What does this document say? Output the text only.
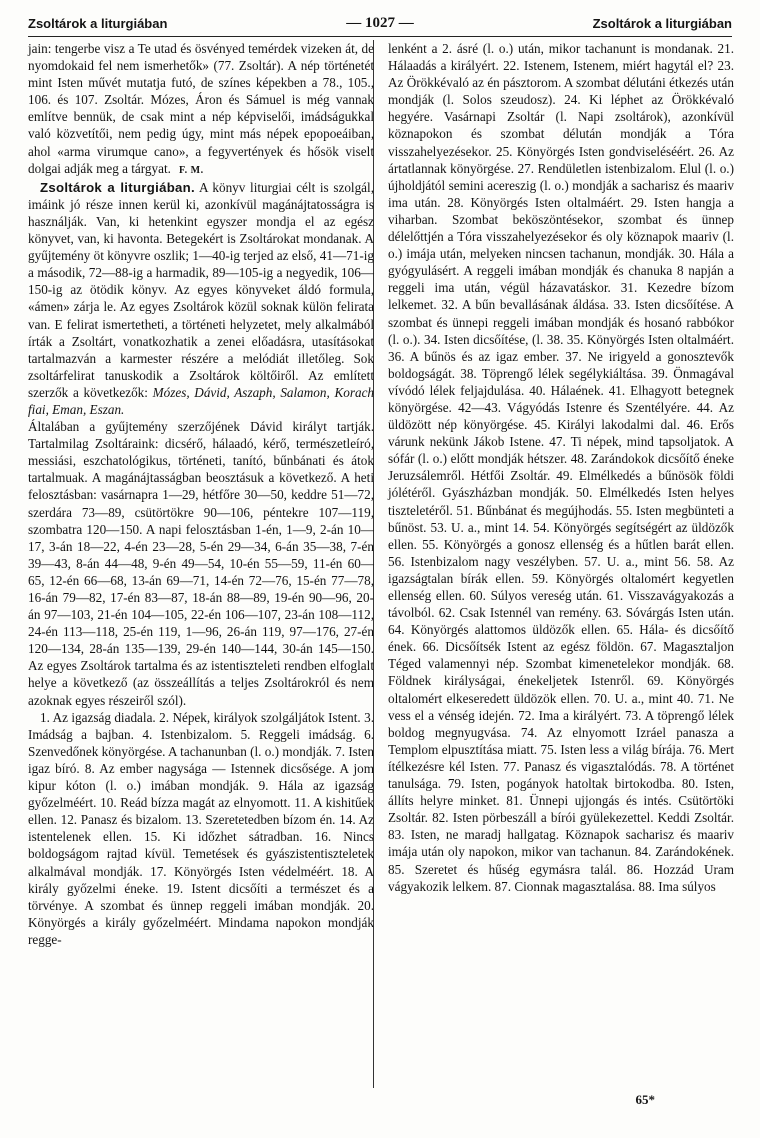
Zsoltárok a liturgiában	— 1027 —	Zsoltárok a liturgiában

jain: tengerbe visz a Te utad és ösvényed temérdek vizeken át, de nyomdokaid fel nem ismerhetők» (77. Zsoltár). A nép történetét mint Isten művét mutatja futó, de színes képekben a 78., 105., 106. és 107. Zsoltár. Mózes, Áron és Sámuel is még vannak említve bennük, de csak mint a nép képviselői, imádságukkal való közvetítői, nem pedig úgy, mint más népek epopoeáiban, ahol «arma virumque cano», a fegyvertények és hősök viselt dolgai adják meg a tárgyat. F. M.

Zsoltárok a liturgiában. A könyv liturgiai célt is szolgál, imáink jó része innen kerül ki, azonkívül magánájtatosságra is használják. Van, ki hetenkint egyszer mondja el az egész könyvet, van, ki havonta. Betegekért is Zsoltárokat mondanak. A gyűjtemény öt könyvre oszlik; 1—40-ig terjed az első, 41—71-ig a második, 72—88-ig a harmadik, 89—105-ig a negyedik, 106—150-ig az ötödik könyv. Az egyes könyveket áldó formula, «ámen» zárja le. Az egyes Zsoltárok közül soknak külön felirata van. E felirat ismertetheti, a történeti helyzetet, mely alkalmából írták a Zsoltárt, vonatkozhatik a zenei előadásra, utasításokat tartalmazván a karmester részére a melódiát illetőleg. Sok zsoltárfelirat tanuskodik a Zsoltárok költőiről. Az említett szerzők a következők: Mózes, Dávid, Aszaph, Salamon, Korach fiai, Eman, Eszan.

Általában a gyűjtemény szerzőjének Dávid királyt tartják. Tartalmilag Zsoltáraink: dicsérő, hálaadó, kérő, természetleíró, messiási, eszchatológikus, történeti, tanító, bűnbánati és átok tartalmuak. A magánájtasságban beosztásuk a következő. A heti felosztásban: vasárnapra 1—29, hétfőre 30—50, keddre 51—72, szerdára 73—89, csütörtökre 90—106, péntekre 107—119, szombatra 120—150. A napi felosztásban 1-én, 1—9, 2-án 10—17, 3-án 18—22, 4-én 23—28, 5-én 29—34, 6-án 35—38, 7-én 39—43, 8-án 44—48, 9-én 49—54, 10-én 55—59, 11-én 60—65, 12-én 66—68, 13-án 69—71, 14-én 72—76, 15-én 77—78, 16-án 79—82, 17-én 83—87, 18-án 88—89, 19-én 90—96, 20-án 97—103, 21-én 104—105, 22-én 106—107, 23-án 108—112, 24-én 113—118, 25-én 119, 1—96, 26-án 119, 97—176, 27-én 120—134, 28-án 135—139, 29-én 140—144, 30-án 145—150. Az egyes Zsoltárok tartalma és az istentiszteleti rendben elfoglalt helye a következő (az összeállítás a teljes Zsoltárokról és nem azoknak egyes részeiről szól).

1. Az igazság diadala. 2. Népek, királyok szolgáljátok Istent. 3. Imádság a bajban. 4. Istenbizalom. 5. Reggeli imádság. 6. Szenvedőnek könyörgése. A tachanunban (l. o.) mondják. 7. Isten igaz bíró. 8. Az ember nagysága — Istennek dicsősége. A jom kipur kóton (l. o.) imában mondják. 9. Hála az igazság győzelméért. 10. Reád bízza magát az elnyomott. 11. A kishitűek ellen. 12. Panasz és bizalom. 13. Szeretetedben bízom én. 14. Az istentelenek ellen. 15. Ki időzhet sátradban. 16. Nincs boldogságom rajtad kívül. Temetések és gyászistentiszteletek alkalmával mondják. 17. Könyörgés Isten védelméért. 18. A király győzelmi éneke. 19. Istent dicsőíti a természet és a törvénye. A szombat és ünnep reggeli imában mondják. 20. Könyörgés a király győzelméért. Mindama napokon mondják regge-

lenként a 2. ásré (l. o.) után, mikor tachanunt is mondanak. 21. Hálaadás a királyért. 22. Istenem, Istenem, miért hagytál el? 23. Az Örökkévaló az én pásztorom. A szombat délutáni étkezés után mondják (l. Solos szeudosz). 24. Ki léphet az Örökkévaló hegyére. Vasárnapi Zsoltár (l. Napi zsoltárok), azonkívül köznapokon és szombat délután mondják a Tóra visszahelyezésekor. 25. Könyörgés Isten gondviseléséért. 26. Az ártatlannak könyörgése. 27. Rendületlen istenbizalom. Elul (l. o.) újholdjától semini acereszig (l. o.) mondják a sacharisz és maariv ima után. 28. Könyörgés Isten oltalmáért. 29. Isten hangja a viharban. Szombat beköszöntésekor, szombat és ünnep délelőttjén a Tóra visszahelyezésekor és oly köznapok maariv (l. o.) imája után, melyeken nincsen tachanun, mondják. 30. Hála a gyógyulásért. A reggeli imában mondják és chanuka 8 napján a reggeli ima után, végül házavatáskor. 31. Kezedre bízom lelkemet. 32. A bűn bevallásának áldása. 33. Isten dicsőítése. A szombat és ünnepi reggeli imában mondják és hosanó rabbókor (l. o.). 34. Isten dicsőítése, (l. 38. 35. Könyörgés Isten oltalmáért. 36. A bűnös és az igaz ember. 37. Ne irigyeld a gonosztevők boldogságát. 38. Töprengő lélek segélykiáltása. 39. Önmagával vívódó lélek feljajdulása. 40. Hálaének. 41. Elhagyott betegnek könyörgése. 42—43. Vágyódás Istenre és Szentélyére. 44. Az üldözött nép könyörgése. 45. Királyi lakodalmi dal. 46. Erős várunk nekünk Jákob Istene. 47. Ti népek, mind tapsoljatok. A sófár (l. o.) előtt mondják hétszer. 48. Zarándokok dicsőítő éneke Jeruzsálemről. Hétfői Zsoltár. 49. Elmélkedés a bűnösök földi jólétéről. Gyászházban mondják. 50. Elmélkedés Isten helyes tiszteletéről. 51. Bűnbánat és megújhodás. 55. Isten megbünteti a bűnöst. 53. U. a., mint 14. 54. Könyörgés segítségért az üldözők ellen. 55. Könyörgés a gonosz ellenség és a hűtlen barát ellen. 56. Istenbizalom nagy veszélyben. 57. U. a., mint 56. 58. Az igazságtalan bírák ellen. 59. Könyörgés oltalomért kegyetlen ellenség ellen. 60. Súlyos vereség után. 61. Visszavágyakozás a távolból. 62. Csak Istennél van remény. 63. Sóvárgás Isten után. 64. Könyörgés alattomos üldözők ellen. 65. Hála- és dicsőítő ének. 66. Dicsőítsék Istent az egész földön. 67. Magasztaljon Téged valamennyi nép. Szombat kimenetelekor mondják. 68. Földnek királyságai, énekeljetek Istenről. 69. Könyörgés oltalomért elkeseredett üldözök ellen. 70. U. a., mint 40. 71. Ne vess el a vénség idején. 72. Ima a királyért. 73. A töprengő lélek boldog megnyugvása. 74. Az elnyomott Izráel panasza a Templom elpusztítása miatt. 75. Isten less a világ bírája. 76. Mert ítélkezésre kél Isten. 77. Panasz és vigasztalódás. 78. A történet tanulsága. 79. Isten, pogányok hatoltak birtokodba. 80. Isten, állíts helyre minket. 81. Ünnepi ujjongás és intés. Csütörtöki Zsoltár. 82. Isten pörbeszáll a bírói gyülekezettel. Keddi Zsoltár. 83. Isten, ne maradj hallgatag. Köznapok sacharisz és maariv imája után oly napokon, mikor van tachanun. 84. Zarándokének. 85. Szeretet és hűség egymásra talál. 86. Hozzád Uram vágyakozik lelkem. 87. Cionnak magasztalása. 88. Ima súlyos

65*
